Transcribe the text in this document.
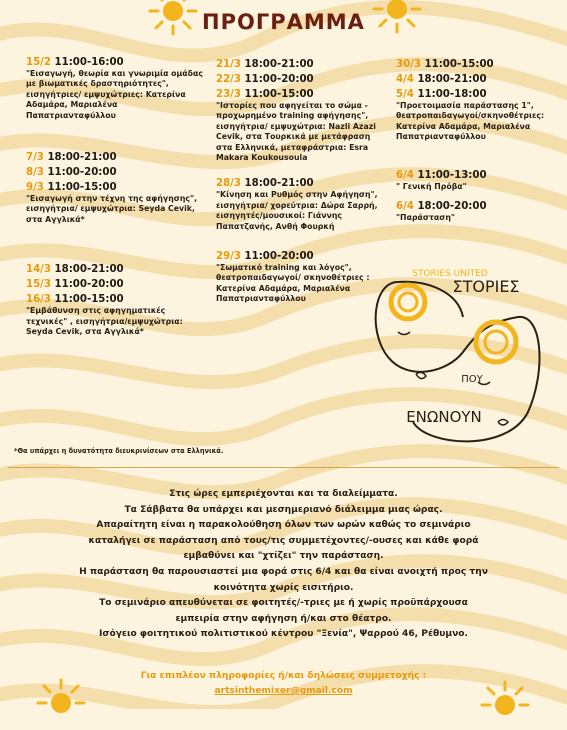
ΠΡΟΓΡΑΜΜΑ
15/2 11:00-16:00
"Εισαγωγή, θεωρία και γνωριμία ομάδας με βιωματικές δραστηριότητες", εισηγήτριες/ εμψυχώτριες: Κατερίνα Αδαμάρα, Μαριαλένα Παπατριανταφύλλου
7/3 18:00-21:00
8/3 11:00-20:00
9/3 11:00-15:00
"Εισαγωγή στην τέχνη της αφήγησης", εισηγήτρια/ εμψυχώτρια: Seyda Cevik, στα Αγγλικά*
14/3 18:00-21:00
15/3 11:00-20:00
16/3 11:00-15:00
"Εμβάθυνση στις αφηγηματικές τεχνικές" , εισηγήτρια/εμψυχώτρια: Seyda Cevik, στα Αγγλικά*
21/3 18:00-21:00
22/3 11:00-20:00
23/3 11:00-15:00
"Ιστορίες που αφηγείται το σώμα - προχωρημένο training αφήγησης", εισηγήτρια/ εμψυχώτρια: Nazli Azazi Cevik, στα Τουρκικά με μετάφραση στα Ελληνικά, μεταφράστρια: Esra Makara Koukousoula
28/3 18:00-21:00
"Κίνηση και Ρυθμός στην Αφήγηση", εισηγήτρια/ χορεύτρια: Δώρα Σαρρή, εισηγητές/μουσικοί: Γιάννης Παπατζανής, Ανθή Φουρκή
29/3 11:00-20:00
"Σωματικό training και λόγος", θεατροπαιδαγωγοί/ σκηνοθέτριες : Κατερίνα Αδαμάρα, Μαριαλένα Παπατριανταφύλλου
30/3 11:00-15:00
4/4 18:00-21:00
5/4 11:00-18:00
"Προετοιμασία παράστασης 1", θεατροπαιδαγωγοί/σκηνοθέτριες: Κατερίνα Αδαμάρα, Μαριαλένα Παπατριανταφύλλου
6/4 11:00-13:00
" Γενική Πρόβα"
6/4 18:00-20:00
"Παράσταση"
STORIES UNITED
ΣΤΟΡΙΕΣ
ΠΟΥ
ΕΝΩΝΟΥΝ
*Θα υπάρχει η δυνατότητα διευκρινίσεων στα Ελληνικά.
Στις ώρες εμπεριέχονται και τα διαλείμματα.
Τα Σάββατα θα υπάρχει και μεσημεριανό διάλειμμα μιας ώρας.
Απαραίτητη είναι η παρακολούθηση όλων των ωρών καθώς το σεμινάριο
καταλήγει σε παράσταση από τους/τις συμμετέχοντες/-ουσες και κάθε φορά
εμβαθύνει και "χτίζει" την παράσταση.
Η παράσταση θα παρουσιαστεί μια φορά στις 6/4 και θα είναι ανοιχτή προς την
κοινότητα χωρίς εισιτήριο.
Το σεμινάριο απευθύνεται σε φοιτητές/-τριες με ή χωρίς προϋπάρχουσα
εμπειρία στην αφήγηση ή/και στο θέατρο.
Ισόγειο φοιτητικού πολιτιστικού κέντρου "Ξενία", Ψαρρού 46, Ρέθυμνο.
Για επιπλέον πληροφορίες ή/και δηλώσεις συμμετοχής :
artsinthemixer@gmail.com
